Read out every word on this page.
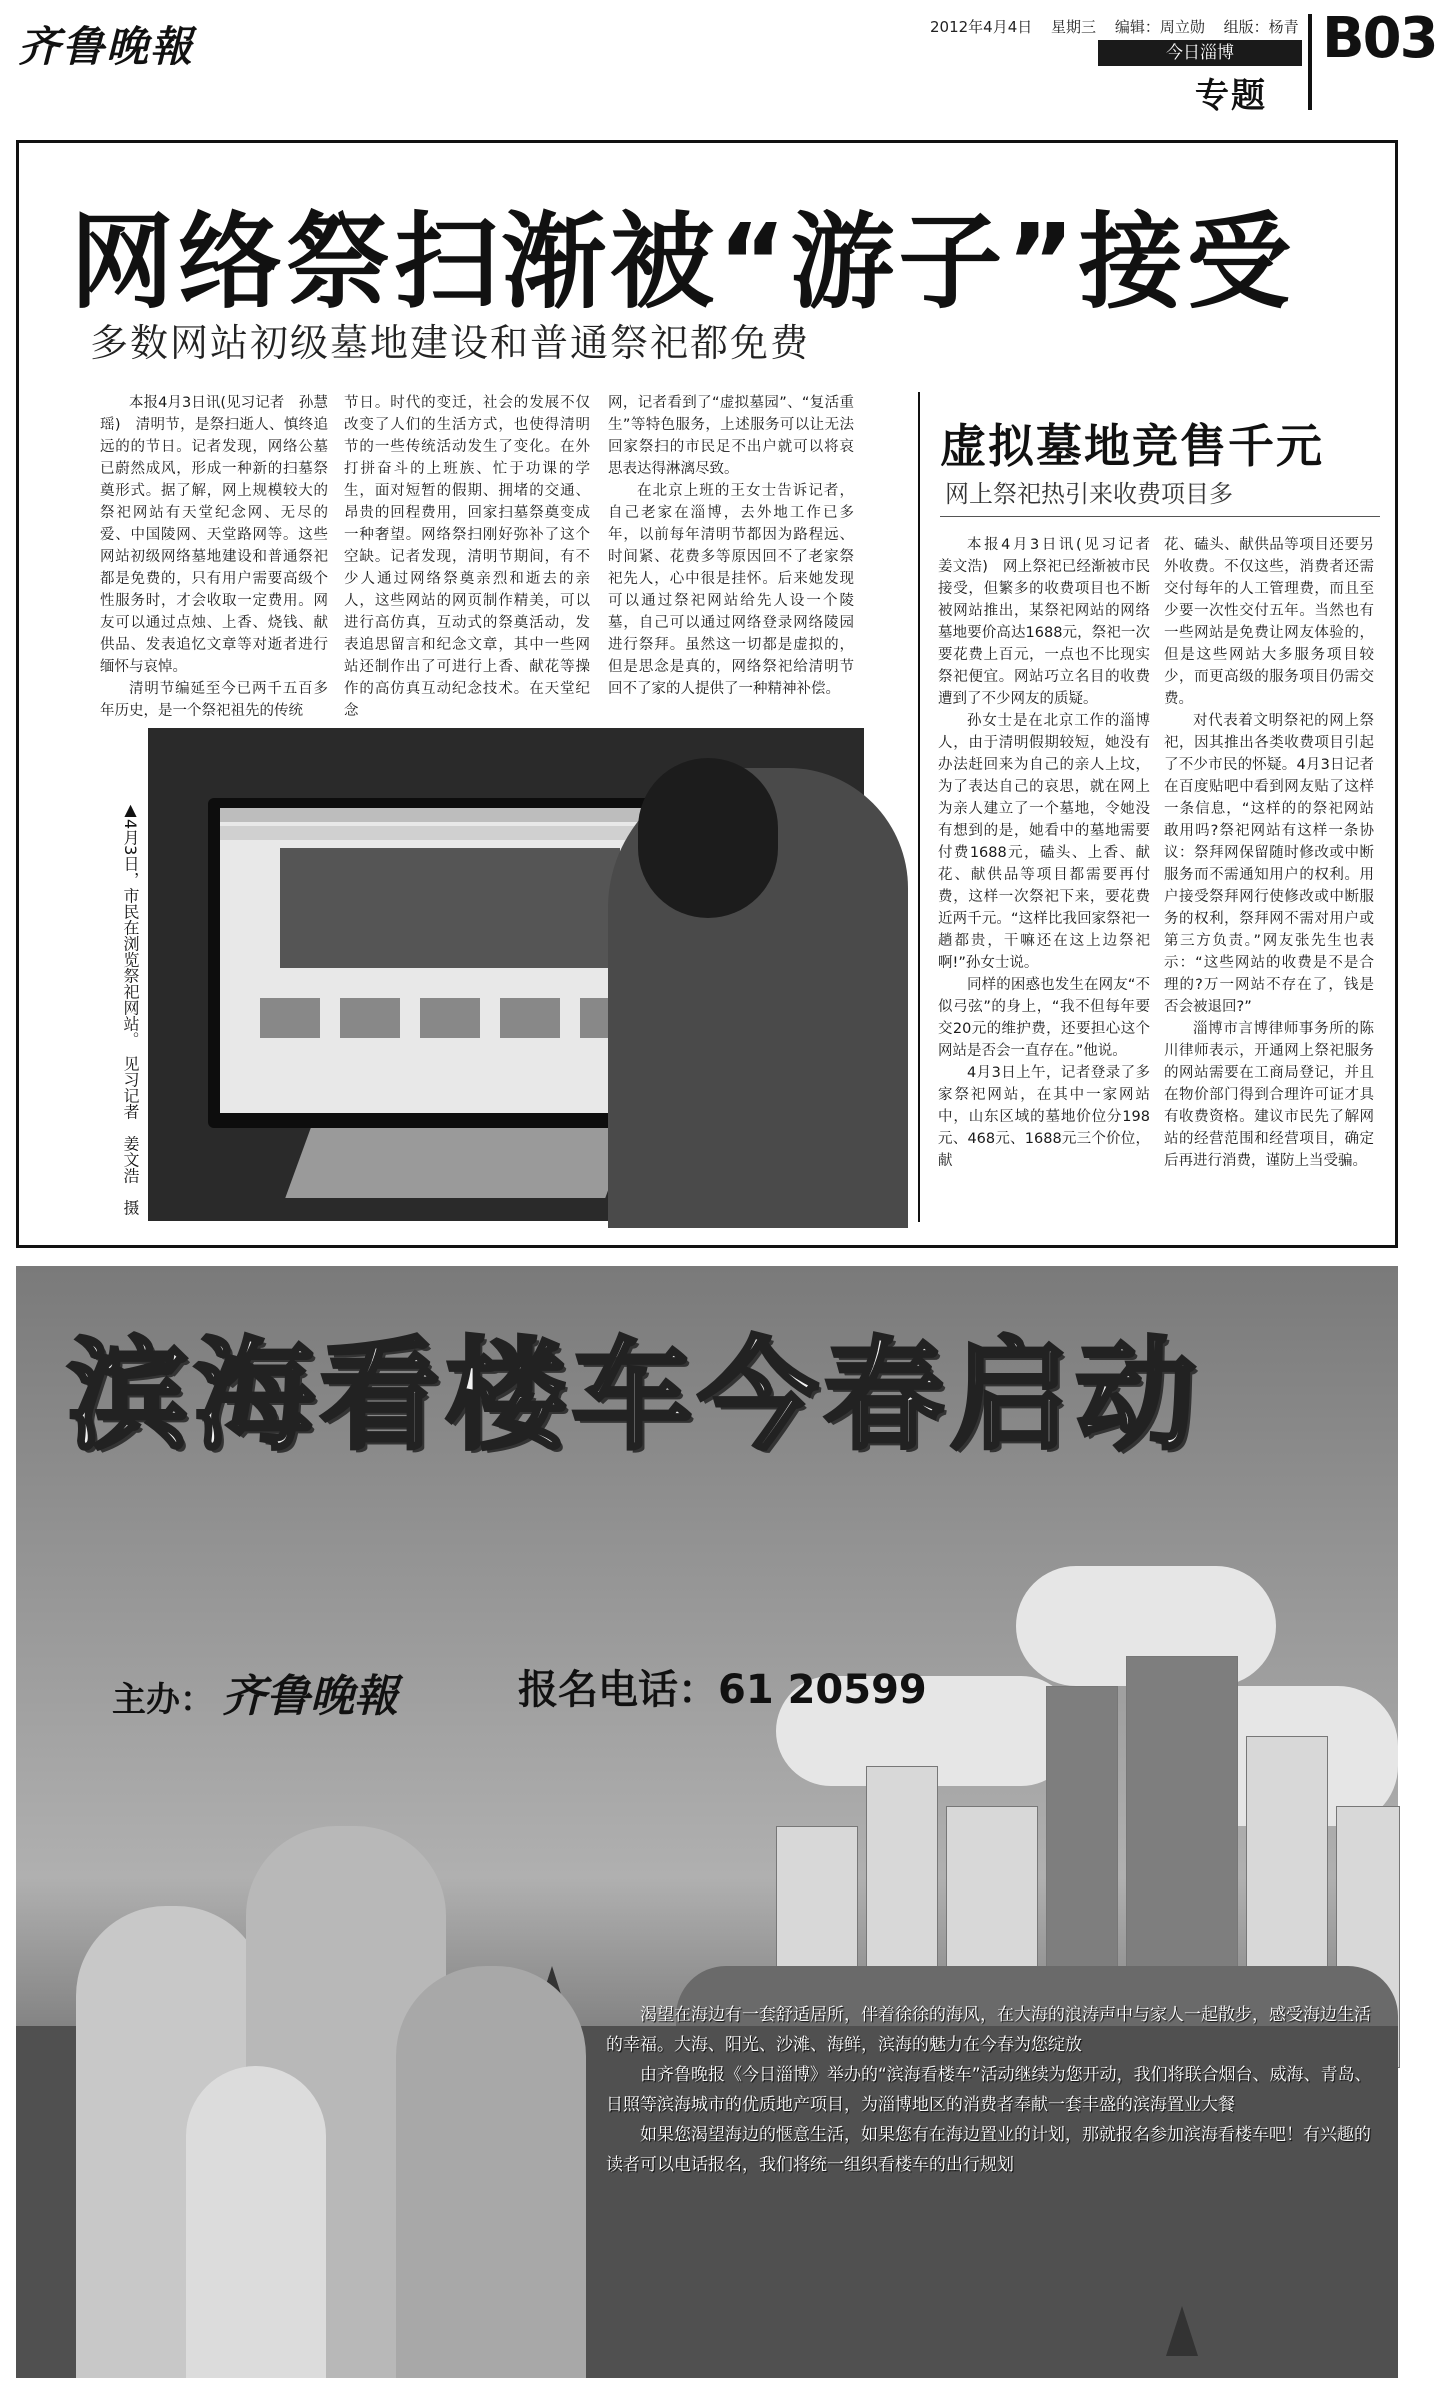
齐鲁晚報	2012年4月4日 星期三 编辑：周立勋 组版：杨青
今日淄博
专题
B03
网络祭扫渐被“游子”接受
多数网站初级墓地建设和普通祭祀都免费

本报4月3日讯(见习记者　孙慧瑶)　清明节，是祭扫逝人、慎终追远的的节日。记者发现，网络公墓已蔚然成风，形成一种新的扫墓祭奠形式。据了解，网上规模较大的祭祀网站有天堂纪念网、无尽的爱、中国陵网、天堂路网等。这些网站初级网络墓地建设和普通祭祀都是免费的，只有用户需要高级个性服务时，才会收取一定费用。网友可以通过点烛、上香、烧钱、献供品、发表追忆文章等对逝者进行缅怀与哀悼。

清明节编延至今已两千五百多年历史，是一个祭祀祖先的传统

节日。时代的变迁，社会的发展不仅改变了人们的生活方式，也使得清明节的一些传统活动发生了变化。在外打拼奋斗的上班族、忙于功课的学生，面对短暂的假期、拥堵的交通、昂贵的回程费用，回家扫墓祭奠变成一种奢望。网络祭扫刚好弥补了这个空缺。记者发现，清明节期间，有不少人通过网络祭奠亲烈和逝去的亲人，这些网站的网页制作精美，可以进行高仿真，互动式的祭奠活动，发表追思留言和纪念文章，其中一些网站还制作出了可进行上香、献花等操作的高仿真互动纪念技术。在天堂纪念

网，记者看到了“虚拟墓园”、“复活重生”等特色服务，上述服务可以让无法回家祭扫的市民足不出户就可以将哀思表达得淋漓尽致。

在北京上班的王女士告诉记者，自己老家在淄博，去外地工作已多年，以前每年清明节都因为路程远、时间紧、花费多等原因回不了老家祭祀先人，心中很是挂怀。后来她发现可以通过祭祀网站给先人设一个陵墓，自己可以通过网络登录网络陵园进行祭拜。虽然这一切都是虚拟的，但是思念是真的，网络祭祀给清明节回不了家的人提供了一种精神补偿。

▲4月3日，市民在浏览祭祀网站。　见习记者　姜文浩　摄
虚拟墓地竞售千元
网上祭祀热引来收费项目多

本报4月3日讯(见习记者　姜文浩)　网上祭祀已经渐被市民接受，但繁多的收费项目也不断被网站推出，某祭祀网站的网络墓地要价高达1688元，祭祀一次要花费上百元，一点也不比现实祭祀便宜。网站巧立名目的收费遭到了不少网友的质疑。

孙女士是在北京工作的淄博人，由于清明假期较短，她没有办法赶回来为自己的亲人上坟，为了表达自己的哀思，就在网上为亲人建立了一个墓地，令她没有想到的是，她看中的墓地需要付费1688元，磕头、上香、献花、献供品等项目都需要再付费，这样一次祭祀下来，要花费近两千元。“这样比我回家祭祀一趟都贵，干嘛还在这上边祭祀啊!”孙女士说。

同样的困惑也发生在网友“不似弓弦”的身上，“我不但每年要交20元的维护费，还要担心这个网站是否会一直存在。”他说。

4月3日上午，记者登录了多家祭祀网站，在其中一家网站中，山东区域的墓地价位分198元、468元、1688元三个价位，献

花、磕头、献供品等项目还要另外收费。不仅这些，消费者还需交付每年的人工管理费，而且至少要一次性交付五年。当然也有一些网站是免费让网友体验的，但是这些网站大多服务项目较少，而更高级的服务项目仍需交费。

对代表着文明祭祀的网上祭祀，因其推出各类收费项目引起了不少市民的怀疑。4月3日记者在百度贴吧中看到网友贴了这样一条信息，“这样的的祭祀网站敢用吗?祭祀网站有这样一条协议：祭拜网保留随时修改或中断服务而不需通知用户的权利。用户接受祭拜网行使修改或中断服务的权利，祭拜网不需对用户或第三方负责。”网友张先生也表示：“这些网站的收费是不是合理的?万一网站不存在了，钱是否会被退回?”

淄博市言博律师事务所的陈川律师表示，开通网上祭祀服务的网站需要在工商局登记，并且在物价部门得到合理许可证才具有收费资格。建议市民先了解网站的经营范围和经营项目，确定后再进行消费，谨防上当受骗。

滨海看楼车今春启动
主办： 齐鲁晚報	报名电话：61 20599

渴望在海边有一套舒适居所，伴着徐徐的海风，在大海的浪涛声中与家人一起散步，感受海边生活的幸福。大海、阳光、沙滩、海鲜，滨海的魅力在今春为您绽放

由齐鲁晚报《今日淄博》举办的“滨海看楼车”活动继续为您开动，我们将联合烟台、威海、青岛、日照等滨海城市的优质地产项目，为淄博地区的消费者奉献一套丰盛的滨海置业大餐

如果您渴望海边的惬意生活，如果您有在海边置业的计划，那就报名参加滨海看楼车吧！有兴趣的读者可以电话报名，我们将统一组织看楼车的出行规划
